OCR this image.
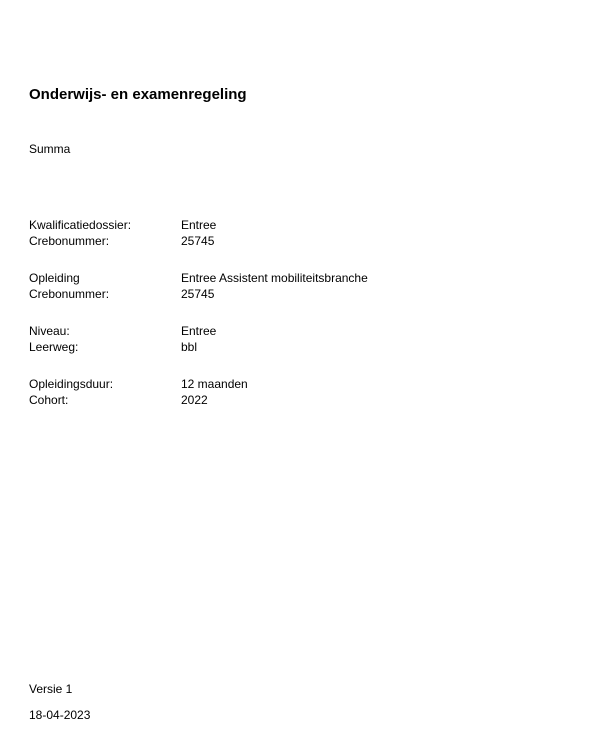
Onderwijs- en examenregeling
Summa
Kwalificatiedossier:	Entree
Crebonummer:	25745
Opleiding	Entree Assistent mobiliteitsbranche
Crebonummer:	25745
Niveau:	Entree
Leerweg:	bbl
Opleidingsduur:	12 maanden
Cohort:	2022
Versie 1
18-04-2023
